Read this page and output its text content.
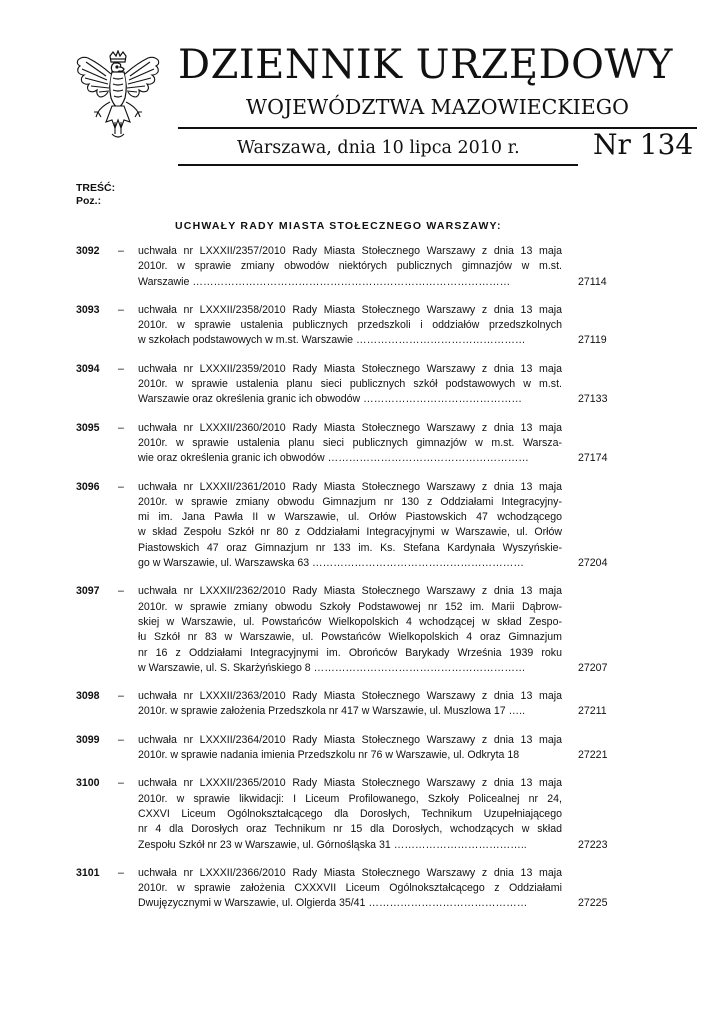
DZIENNIK URZĘDOWY
WOJEWÓDZTWA MAZOWIECKIEGO
Warszawa, dnia 10 lipca 2010 r.	Nr 134
TREŚĆ:
Poz.:
UCHWAŁY RADY MIASTA STOŁECZNEGO WARSZAWY:
3092	– uchwała nr LXXXII/2357/2010 Rady Miasta Stołecznego Warszawy z dnia 13 maja
2010r. w sprawie zmiany obwodów niektórych publicznych gimnazjów w m.st.
Warszawie ………………………………………………………………………………	27114
3093	– uchwała nr LXXXII/2358/2010 Rady Miasta Stołecznego Warszawy z dnia 13 maja
2010r. w sprawie ustalenia publicznych przedszkoli i oddziałów przedszkolnych
w szkołach podstawowych w m.st. Warszawie …………………………………………	27119
3094	– uchwała nr LXXXII/2359/2010 Rady Miasta Stołecznego Warszawy z dnia 13 maja
2010r. w sprawie ustalenia planu sieci publicznych szkół podstawowych w m.st.
Warszawie oraz określenia granic ich obwodów ………………………………………	27133
3095	– uchwała nr LXXXII/2360/2010 Rady Miasta Stołecznego Warszawy z dnia 13 maja
2010r. w sprawie ustalenia planu sieci publicznych gimnazjów w m.st. Warsza-
wie oraz określenia granic ich obwodów …………………………………………………	27174
3096	– uchwała nr LXXXII/2361/2010 Rady Miasta Stołecznego Warszawy z dnia 13 maja
2010r. w sprawie zmiany obwodu Gimnazjum nr 130 z Oddziałami Integracyjny-
mi im. Jana Pawła II w Warszawie, ul. Orłów Piastowskich 47 wchodzącego
w skład Zespołu Szkół nr 80 z Oddziałami Integracyjnymi w Warszawie, ul. Orłów
Piastowskich 47 oraz Gimnazjum nr 133 im. Ks. Stefana Kardynała Wyszyńskie-
go w Warszawie, ul. Warszawska 63 ……………………………………………………	27204
3097	– uchwała nr LXXXII/2362/2010 Rady Miasta Stołecznego Warszawy z dnia 13 maja
2010r. w sprawie zmiany obwodu Szkoły Podstawowej nr 152 im. Marii Dąbrow-
skiej w Warszawie, ul. Powstańców Wielkopolskich 4 wchodzącej w skład Zespo-
łu Szkół nr 83 w Warszawie, ul. Powstańców Wielkopolskich 4 oraz Gimnazjum
nr 16 z Oddziałami Integracyjnymi im. Obrońców Barykady Września 1939 roku
w Warszawie, ul. S. Skarżyńskiego 8 ……………………………………………………	27207
3098	– uchwała nr LXXXII/2363/2010 Rady Miasta Stołecznego Warszawy z dnia 13 maja
2010r. w sprawie założenia Przedszkola nr 417 w Warszawie, ul. Muszlowa 17 …..	27211
3099	– uchwała nr LXXXII/2364/2010 Rady Miasta Stołecznego Warszawy z dnia 13 maja
2010r. w sprawie nadania imienia Przedszkolu nr 76 w Warszawie, ul. Odkryta 18	27221
3100	– uchwała nr LXXXII/2365/2010 Rady Miasta Stołecznego Warszawy z dnia 13 maja
2010r. w sprawie likwidacji: I Liceum Profilowanego, Szkoły Policealnej nr 24,
CXXVI Liceum Ogólnokształcącego dla Dorosłych, Technikum Uzupełniającego
nr 4 dla Dorosłych oraz Technikum nr 15 dla Dorosłych, wchodzących w skład
Zespołu Szkół nr 23 w Warszawie, ul. Górnośląska 31 ………………………………..	27223
3101	– uchwała nr LXXXII/2366/2010 Rady Miasta Stołecznego Warszawy z dnia 13 maja
2010r. w sprawie założenia CXXXVII Liceum Ogólnokształcącego z Oddziałami
Dwujęzycznymi w Warszawie, ul. Olgierda 35/41 ………………………………………	27225
